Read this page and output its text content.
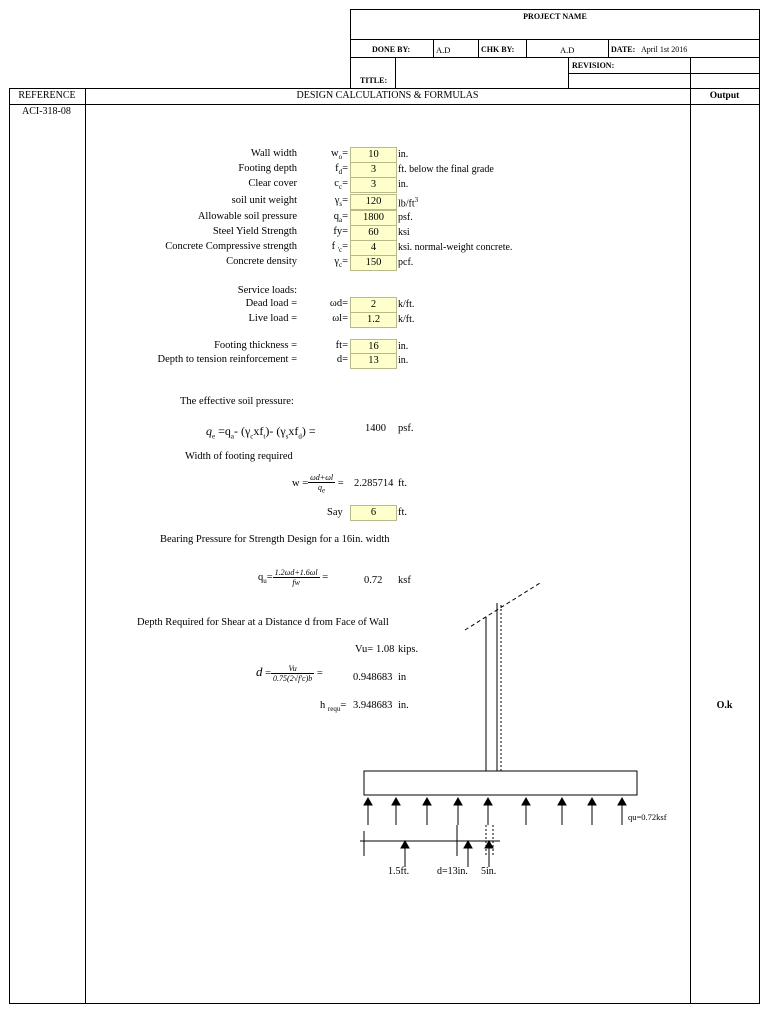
PROJECT NAME
DONE BY:	A.D	CHK BY:	A.D	DATE: April 1st 2016
REVISION:
TITLE:
REFERENCE	DESIGN CALCULATIONS & FORMULAS	Output
ACI-318-08
Wall width	$w_o=$	10	in.
Footing depth	$f_d=$	3	ft. below the final grade
Clear cover	$c_c=$	3	in.
soil unit weight	$\gamma_s=$	120	$lb/ft^3$
Allowable soil pressure	$q_a=$	1800	psf.
Steel Yield Strength	fy=	60	ksi
Concrete Compressive strength	f $_{'c}$=	4	ksi. normal-weight concrete.
Concrete density	$\gamma_c=$	150	pcf.
Service loads:
Dead load =	ωd=	2	k/ft.
Live load =	ωl=	1.2	k/ft.
Footing thickness =	ft=	16	in.
Depth to tension reinforcement =	d=	13	in.
The effective soil pressure:
$q_e =q_a-$ $(\gamma_cxf_t)-$ $(\gamma_sxf_d)$ =	1400 psf.
Width of footing required
$w = \frac{\omega d+\omega l}{q_e} = 2.285714$ ft.
Say	6	ft.
Bearing Pressure for Strength Design for a 16in. width
$q_u= \frac{1.2\omega d+1.6\omega l}{fw}$ =	0.72 ksf
Depth Required for Shear at a Distance d from Face of Wall
Vu= 1.08 kips.
$d = \frac{Vu}{0.75(2√f'c)b}$ =	0.948683 in
h $_{requ}$= 3.948683 in.	O.k
qu=0.72ksf
1.5ft.	d=13in. 5in.
